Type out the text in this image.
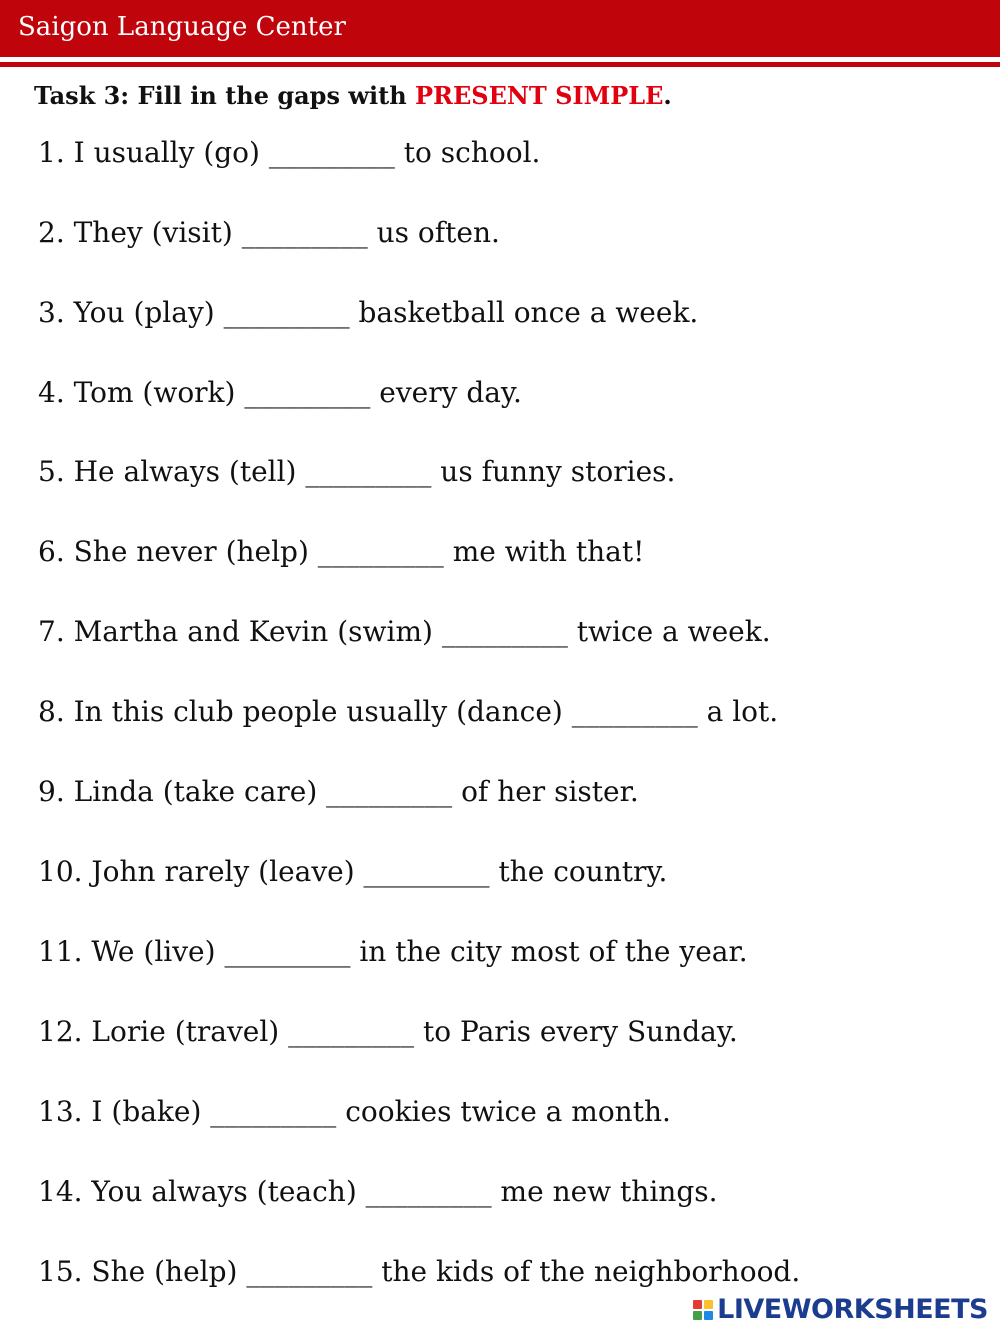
Saigon Language Center
Task 3: Fill in the gaps with PRESENT SIMPLE.
1. I usually (go) _________ to school.
2. They (visit) _________ us often.
3. You (play) _________ basketball once a week.
4. Tom (work) _________ every day.
5. He always (tell) _________ us funny stories.
6. She never (help) _________ me with that!
7. Martha and Kevin (swim) _________ twice a week.
8. In this club people usually (dance) _________ a lot.
9. Linda (take care) _________ of her sister.
10. John rarely (leave) _________ the country.
11. We (live) _________ in the city most of the year.
12. Lorie (travel) _________ to Paris every Sunday.
13. I (bake) _________ cookies twice a month.
14. You always (teach) _________ me new things.
15. She (help) _________ the kids of the neighborhood.
LIVEWORKSHEETS
